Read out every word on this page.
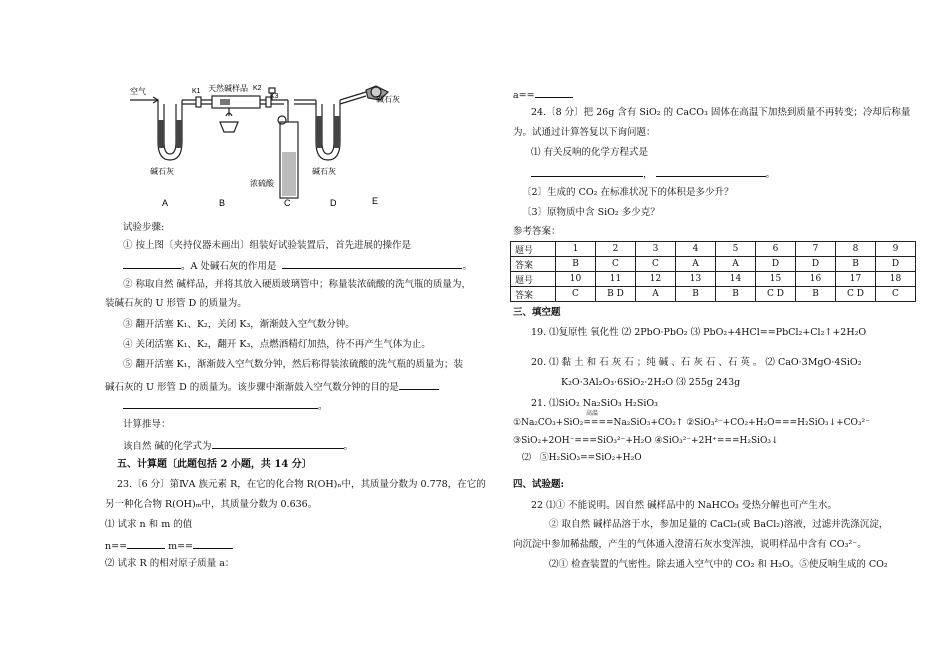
空气	K1 天然碱样品 K2
K3	碱石灰
碱石灰	碱石灰
浓硫酸
A	B	C	D	E
试验步骤:
① 按上图〔夹持仪器未画出〕组装好试验装置后，首先进展的操作是
。A 处碱石灰的作用是	。
② 称取自然 碱样品，并将其放入硬质玻璃管中；称量装浓硫酸的洗气瓶的质量为，
装碱石灰的 U 形管 D 的质量为。
③ 翻开活塞 K₁、K₂，关闭 K₃，渐渐鼓入空气数分钟。
④ 关闭活塞 K₁、K₂，翻开 K₃，点燃酒精灯加热，待不再产生气体为止。
⑤ 翻开活塞 K₁，渐渐鼓入空气数分钟，然后称得装浓硫酸的洗气瓶的质量为；装
碱石灰的 U 形管 D 的质量为。该步骤中渐渐鼓入空气数分钟的目的是
。
计算推导：
该自然 碱的化学式为	。
五、计算题〔此题包括 2 小题，共 14 分〕
23.〔6 分〕第ⅣA 族元素 R，在它的化合物 R(OH)ₙ中，其质量分数为 0.778，在它的
另一种化合物 R(OH)ₘ中，其质量分数为 0.636。
⑴ 试求 n 和 m 的值
n==	m==
⑵ 试求 R 的相对原子质量 a：
a==
24.〔8 分〕把 26g 含有 SiO₂ 的 CaCO₃ 固体在高温下加热到质量不再转变；冷却后称量
为。试通过计算答复以下询问题：
⑴ 有关反响的化学方程式是
，	。
〔2〕生成的 CO₂ 在标准状况下的体积是多少升？
〔3〕原物质中含 SiO₂ 多少克？
参考答案：
题号	1	2	3	4	5	6	7	8	9
答案	B	C	C	A	A	D	D	B	D
题号	10	11	12	13	14	15	16	17	18
答案	C	B D	A	B	B	C D	B	C D	C
三、填空题
19. ⑴复原性 氧化性 ⑵ 2PbO·PbO₂ ⑶ PbO₂+4HCl==PbCl₂+Cl₂↑+2H₂O
20. ⑴ 黏 土 和 石 灰 石 ；纯 碱 、石 灰 石 、石 英 。 ⑵ CaO·3MgO·4SiO₂
K₂O·3Al₂O₃·6SiO₂·2H₂O ⑶ 255g 243g
21. ⑴SiO₂ Na₂SiO₃ H₂SiO₃
高温
①Na₂CO₃+SiO₂====Na₂SiO₃+CO₂↑ ②SiO₃²⁻+CO₂+H₂O===H₂SiO₃↓+CO₃²⁻
③SiO₂+2OH⁻===SiO₃²⁻+H₂O ④SiO₃²⁻+2H⁺===H₂SiO₃↓
⑵ ⑤H₂SiO₃==SiO₂+H₂O
四、试验题:
22 ⑴① 不能说明。因自然 碱样品中的 NaHCO₃ 受热分解也可产生水。
② 取自然 碱样品溶于水，参加足量的 CaCl₂(或 BaCl₂)溶液，过滤并洗涤沉淀，
向沉淀中参加稀盐酸，产生的气体通入澄清石灰水变浑浊，说明样品中含有 CO₃²⁻。
⑵① 检查装置的气密性。除去通入空气中的 CO₂ 和 H₂O。⑤使反响生成的 CO₂
